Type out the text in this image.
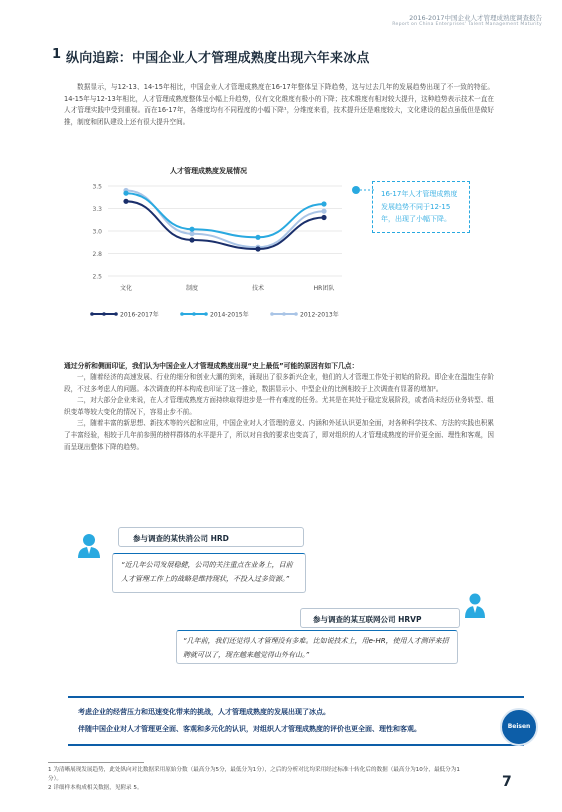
2016-2017中国企业人才管理成熟度调查报告
Report on China Enterprises' Talent Management Maturity
1 纵向追踪：中国企业人才管理成熟度出现六年来冰点

数据显示，与12-13、14-15年相比，中国企业人才管理成熟度在16-17年整体呈下降趋势，这与过去几年的发展趋势出现了不一致的特征。14-15年与12-13年相比，人才管理成熟度整体呈小幅上升趋势，仅有文化维度有极小的下降；技术维度有相对较大提升，这种趋势表示技术一直在人才管理实践中受到重视。而在16-17年，各维度均有不同程度的小幅下降¹，分维度来看，技术提升还是难度较大，文化建设的起点虽低但是做好推，制度和团队建设上还有很大提升空间。

人才管理成熟度发展情况
3.5
3.3
3.0
2.8
2.5
文化	制度	技术	HR团队
2016-2017年	2014-2015年	2012-2013年
16-17年人才管理成熟度发展趋势不同于12-15年，出现了小幅下降。
通过分析和侧面印证，我们认为中国企业人才管理成熟度出现“史上最低”可能的原因有如下几点：

一，随着经济的高速发展、行业的细分和创业大潮的到来，涌现出了很多新兴企业，他们的人才管理工作处于初始的阶段。即企业在温饱生存阶段，不过多考虑人的问题。本次调查的样本构成也印证了这一推论，数据显示小、中型企业的比例相较于上次调查有显著的增加²。

二，对大部分企业来说，在人才管理成熟度方面持续取得进步是一件有难度的任务。尤其是在其处于稳定发展阶段，或者尚未经历业务转型、组织变革等较大变化的情况下，容易止步不前。

三，随着丰富的新思想、新技术等的兴起和应用，中国企业对人才管理的意义、内涵和外延认识更加全面，对各种科学技术、方法的实践也积累了丰富经验，相较于几年前参照的榜样群体的水平提升了，所以对自我的要求也变高了，即对组织的人才管理成熟度的评价更全面、理性和客观，因而呈现出整体下降的趋势。

参与调查的某快消公司 HRD
“近几年公司发展稳健，公司的关注重点在业务上，目前人才管理工作上的战略是维持现状，不投入过多资源。”
参与调查的某互联网公司 HRVP
“几年前，我们还觉得人才管理没有多难。比如说技术上，用e-HR，使用人才测评来招聘就可以了，现在越来越觉得山外有山。”
考虑企业的经营压力和迅速变化带来的挑战，人才管理成熟度的发展出现了冰点。
伴随中国企业对人才管理更全面、客观和多元化的认识，对组织人才管理成熟度的评价也更全面、理性和客观。	Beisen
1 为清晰展现发展趋势，此处纵向对比数据采用原始分数（最高分为5分，最低分为1分），之后的分析对比均采用经过标准十转化后的数据（最高分为10分，最低分为1分）。
2 详细样本构成相关数据，见附录 5。	7
